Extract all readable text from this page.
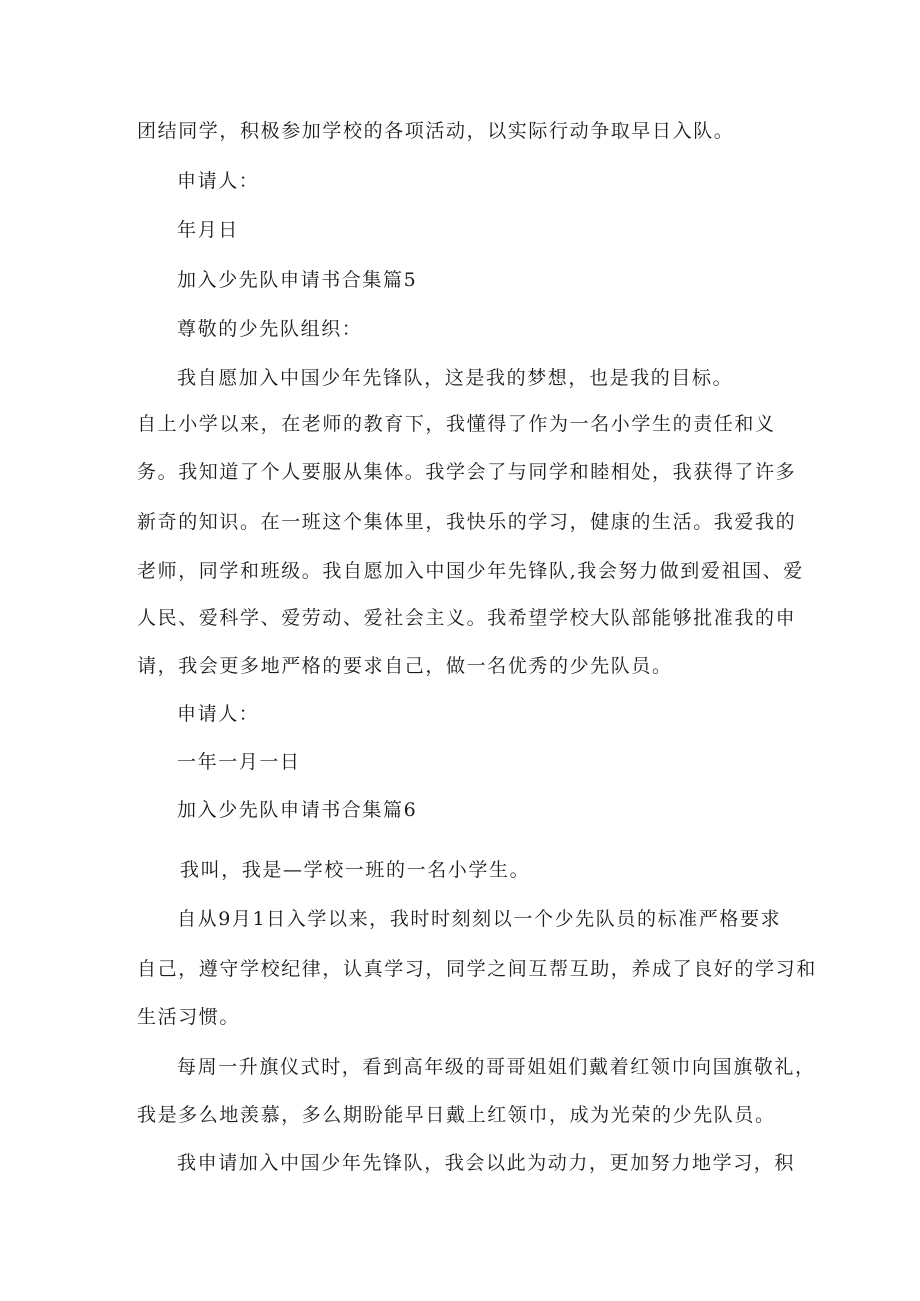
团结同学，积极参加学校的各项活动，以实际行动争取早日入队。
申请人：
年月日
加入少先队申请书合集篇5
尊敬的少先队组织：
我自愿加入中国少年先锋队，这是我的梦想，也是我的目标。
自上小学以来，在老师的教育下，我懂得了作为一名小学生的责任和义
务。我知道了个人要服从集体。我学会了与同学和睦相处，我获得了许多
新奇的知识。在一班这个集体里，我快乐的学习，健康的生活。我爱我的
老师，同学和班级。我自愿加入中国少年先锋队,我会努力做到爱祖国、爱
人民、爱科学、爱劳动、爱社会主义。我希望学校大队部能够批准我的申
请，我会更多地严格的要求自己，做一名优秀的少先队员。
申请人：
一年一月一日
加入少先队申请书合集篇6
我叫，我是—学校一班的一名小学生。
自从9月1日入学以来，我时时刻刻以一个少先队员的标准严格要求
自己，遵守学校纪律，认真学习，同学之间互帮互助，养成了良好的学习和
生活习惯。
每周一升旗仪式时，看到高年级的哥哥姐姐们戴着红领巾向国旗敬礼，
我是多么地羡慕，多么期盼能早日戴上红领巾，成为光荣的少先队员。
我申请加入中国少年先锋队，我会以此为动力，更加努力地学习，积
